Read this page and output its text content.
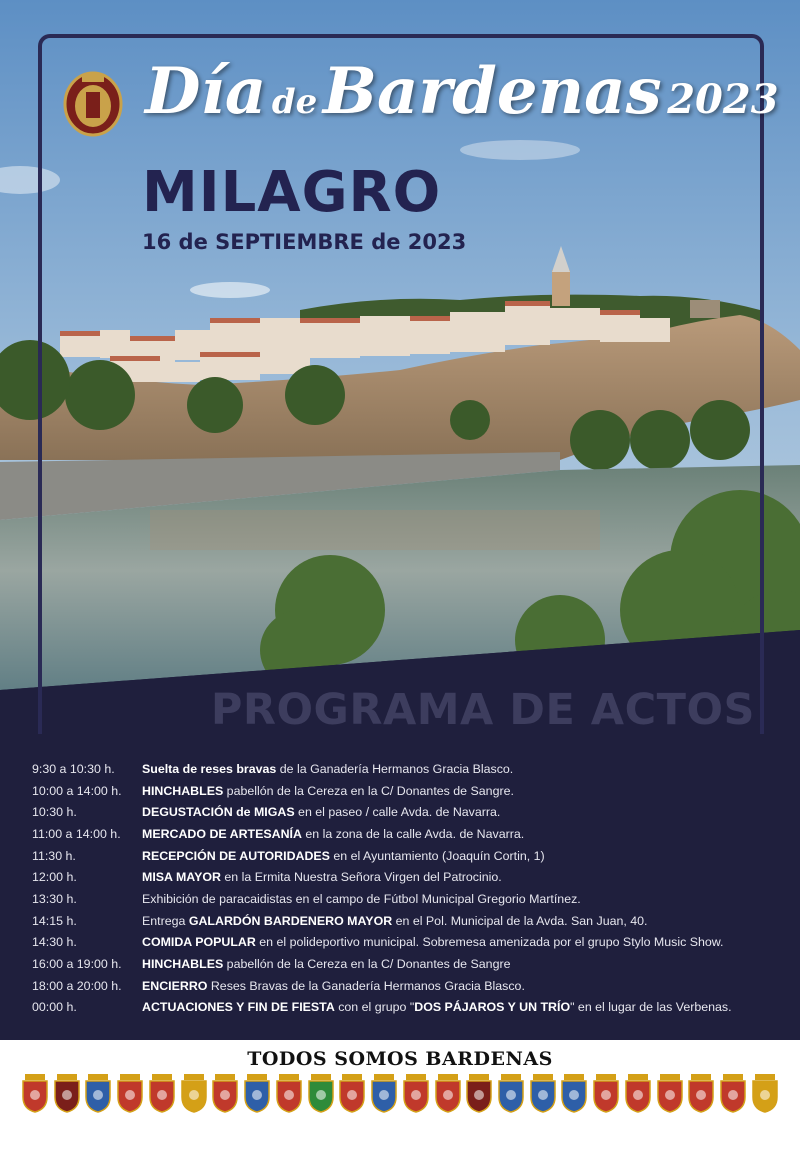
Día de Bardenas 2023
MILAGRO
16 de SEPTIEMBRE de 2023
PROGRAMA DE ACTOS
9:30 a 10:30 h.	Suelta de reses bravas de la Ganadería Hermanos Gracia Blasco.
10:00 a 14:00 h.	HINCHABLES pabellón de la Cereza en la C/ Donantes de Sangre.
10:30 h.	DEGUSTACIÓN de MIGAS en el paseo / calle Avda. de Navarra.
11:00 a 14:00 h.	MERCADO DE ARTESANÍA en la zona de la calle Avda. de Navarra.
11:30 h.	RECEPCIÓN DE AUTORIDADES en el Ayuntamiento (Joaquín Cortin, 1)
12:00 h.	MISA MAYOR en la Ermita Nuestra Señora Virgen del Patrocinio.
13:30 h.	Exhibición de paracaidistas en el campo de Fútbol Municipal Gregorio Martínez.
14:15 h.	Entrega GALARDÓN BARDENERO MAYOR en el Pol. Municipal de la Avda. San Juan, 40.
14:30 h.	COMIDA POPULAR en el polideportivo municipal. Sobremesa amenizada por el grupo Stylo Music Show.
16:00 a 19:00 h.	HINCHABLES pabellón de la Cereza en la C/ Donantes de Sangre
18:00 a 20:00 h.	ENCIERRO Reses Bravas de la Ganadería Hermanos Gracia Blasco.
00:00 h.	ACTUACIONES Y FIN DE FIESTA con el grupo "DOS PÁJAROS Y UN TRÍO" en el lugar de las Verbenas.
TODOS SOMOS BARDENAS
